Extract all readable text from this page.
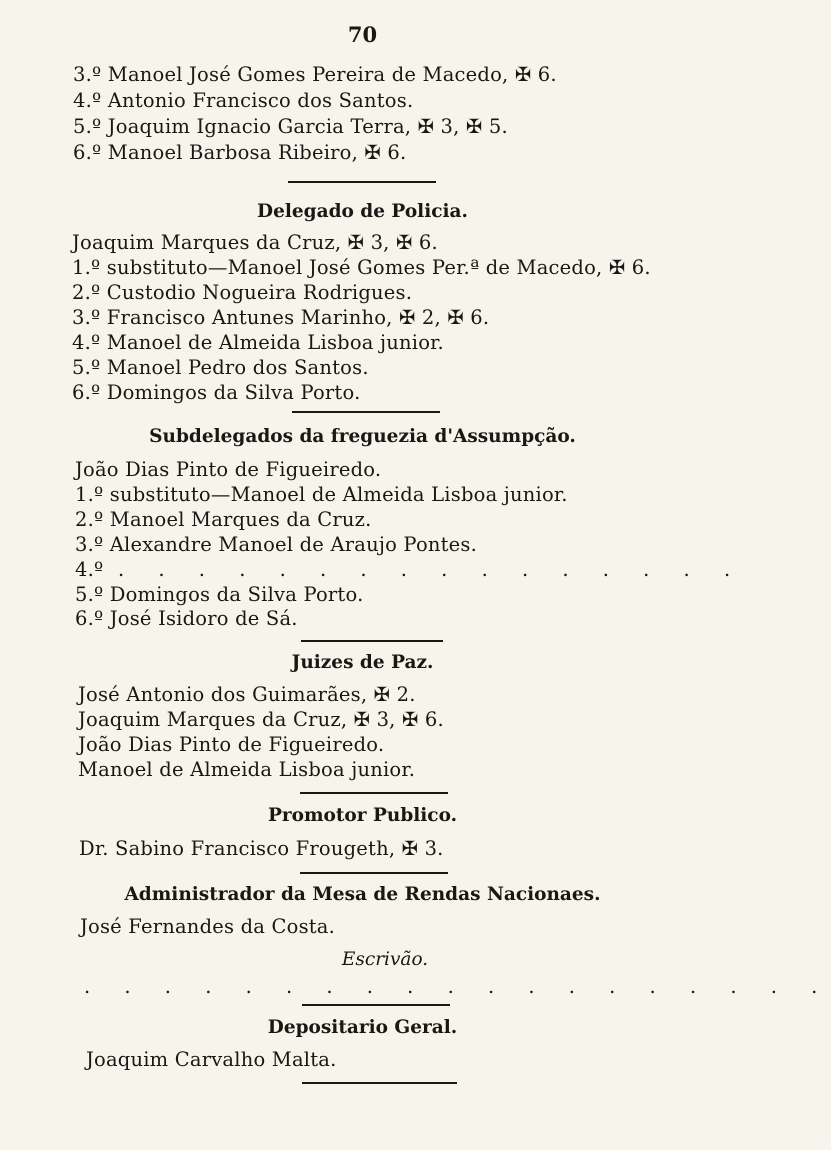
70
3.º Manoel José Gomes Pereira de Macedo, ✠ 6.
4.º Antonio Francisco dos Santos.
5.º Joaquim Ignacio Garcia Terra, ✠ 3, ✠ 5.
6.º Manoel Barbosa Ribeiro, ✠ 6.
Delegado de Policia.
Joaquim Marques da Cruz, ✠ 3, ✠ 6.
1.º substituto—Manoel José Gomes Per.ª de Macedo, ✠ 6.
2.º Custodio Nogueira Rodrigues.
3.º Francisco Antunes Marinho, ✠ 2, ✠ 6.
4.º Manoel de Almeida Lisboa junior.
5.º Manoel Pedro dos Santos.
6.º Domingos da Silva Porto.
Subdelegados da freguezia d'Assumpção.
João Dias Pinto de Figueiredo.
1.º substituto—Manoel de Almeida Lisboa junior.
2.º Manoel Marques da Cruz.
3.º Alexandre Manoel de Araujo Pontes.
4.º . . . . . . . . . . . . . . . .
5.º Domingos da Silva Porto.
6.º José Isidoro de Sá.
Juizes de Paz.
José Antonio dos Guimarães, ✠ 2.
Joaquim Marques da Cruz, ✠ 3, ✠ 6.
João Dias Pinto de Figueiredo.
Manoel de Almeida Lisboa junior.
Promotor Publico.
Dr. Sabino Francisco Frougeth, ✠ 3.
Administrador da Mesa de Rendas Nacionaes.
José Fernandes da Costa.
Escrivão.
. . . . . . . . . . . . . . . . . . .
Depositario Geral.
Joaquim Carvalho Malta.
